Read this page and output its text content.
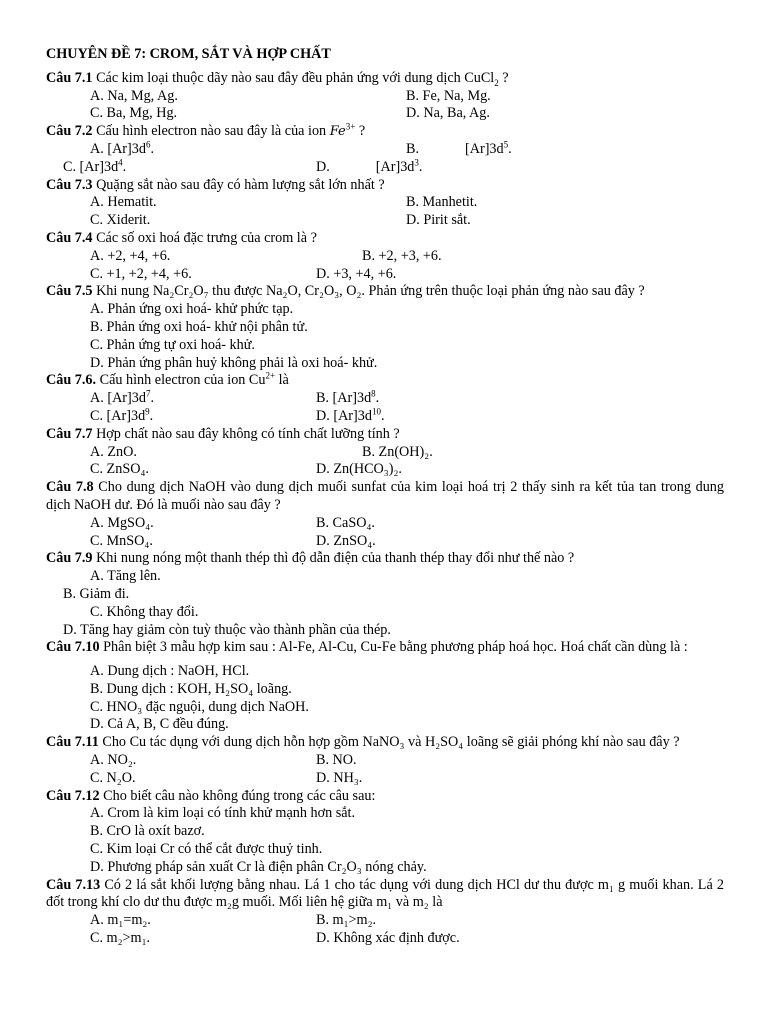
CHUYÊN ĐỀ 7: CROM, SẮT VÀ HỢP CHẤT
Câu 7.1 Các kim loại thuộc dãy nào sau đây đều phản ứng với dung dịch CuCl$_2$ ?
A. Na, Mg, Ag.	B. Fe, Na, Mg.
C. Ba, Mg, Hg.	D. Na, Ba, Ag.
Câu 7.2 Cấu hình electron nào sau đây là của ion $Fe^{3+}$ ?
A. $[Ar]3d^6$.	B.	$[Ar]3d^5$.
C. $[Ar]3d^4$.	D.	$[Ar]3d^3$.
Câu 7.3 Quặng sắt nào sau đây có hàm lượng sắt lớn nhất ?
A. Hematit.	B. Manhetit.
C. Xiderit.	D. Pirit sắt.
Câu 7.4 Các số oxi hoá đặc trưng của crom là ?
A. +2, +4, +6.	B. +2, +3, +6.
C. +1, +2, +4, +6.	D. +3, +4, +6.
Câu 7.5 Khi nung Na₂Cr₂O₇ thu được Na₂O, Cr₂O₃, O₂. Phản ứng trên thuộc loại phản ứng nào sau đây ?
A. Phản ứng oxi hoá- khử phức tạp.
B. Phản ứng oxi hoá- khử nội phân tử.
C. Phản ứng tự oxi hoá- khử.
D. Phản ứng phân huỷ không phải là oxi hoá- khử.
Câu 7.6. Cấu hình electron của ion $Cu^{2+}$ là
A. $[Ar]3d^7$.	B. $[Ar]3d^8$.
C. $[Ar]3d^9$.	D. $[Ar]3d^{10}$.
Câu 7.7 Hợp chất nào sau đây không có tính chất lưỡng tính ?
A. ZnO.	B. Zn(OH)₂.
C. ZnSO₄.	D. Zn(HCO₃)₂.
Câu 7.8 Cho dung dịch NaOH vào dung dịch muối sunfat của kim loại hoá trị 2 thấy sinh ra kết tủa tan trong dung dịch NaOH dư. Đó là muối nào sau đây ?
A. MgSO₄.	B. CaSO₄.
C. MnSO₄.	D. ZnSO₄.
Câu 7.9 Khi nung nóng một thanh thép thì độ dẫn điện của thanh thép thay đổi như thế nào ?
A. Tăng lên.
B. Giảm đi.
C. Không thay đổi.
D. Tăng hay giảm còn tuỳ thuộc vào thành phần của thép.
Câu 7.10 Phân biệt 3 mẫu hợp kim sau : Al-Fe, Al-Cu, Cu-Fe bằng phương pháp hoá học. Hoá chất cần dùng là :
A. Dung dịch : NaOH, HCl.
B. Dung dịch : KOH, H₂SO₄ loãng.
C. HNO₃ đặc nguội, dung dịch NaOH.
D. Cả A, B, C đều đúng.
Câu 7.11 Cho Cu tác dụng với dung dịch hỗn hợp gồm NaNO₃ và H₂SO₄ loãng sẽ giải phóng khí nào sau đây ?
A. NO₂.	B. NO.
C. N₂O.	D. NH₃.
Câu 7.12 Cho biết câu nào không đúng trong các câu sau:
A. Crom là kim loại có tính khử mạnh hơn sắt.
B. CrO là oxít bazơ.
C. Kim loại Cr có thể cắt được thuỷ tinh.
D. Phương pháp sản xuất Cr là điện phân Cr₂O₃ nóng chảy.
Câu 7.13 Có 2 lá sắt khối lượng bằng nhau. Lá 1 cho tác dụng với dung dịch HCl dư thu được m₁ g muối khan. Lá 2 đốt trong khí clo dư thu được m₂g muối. Mối liên hệ giữa m₁ và m₂ là
A. m₁=m₂.	B. m₁>m₂.
C. m₂>m₁.	D. Không xác định được.
